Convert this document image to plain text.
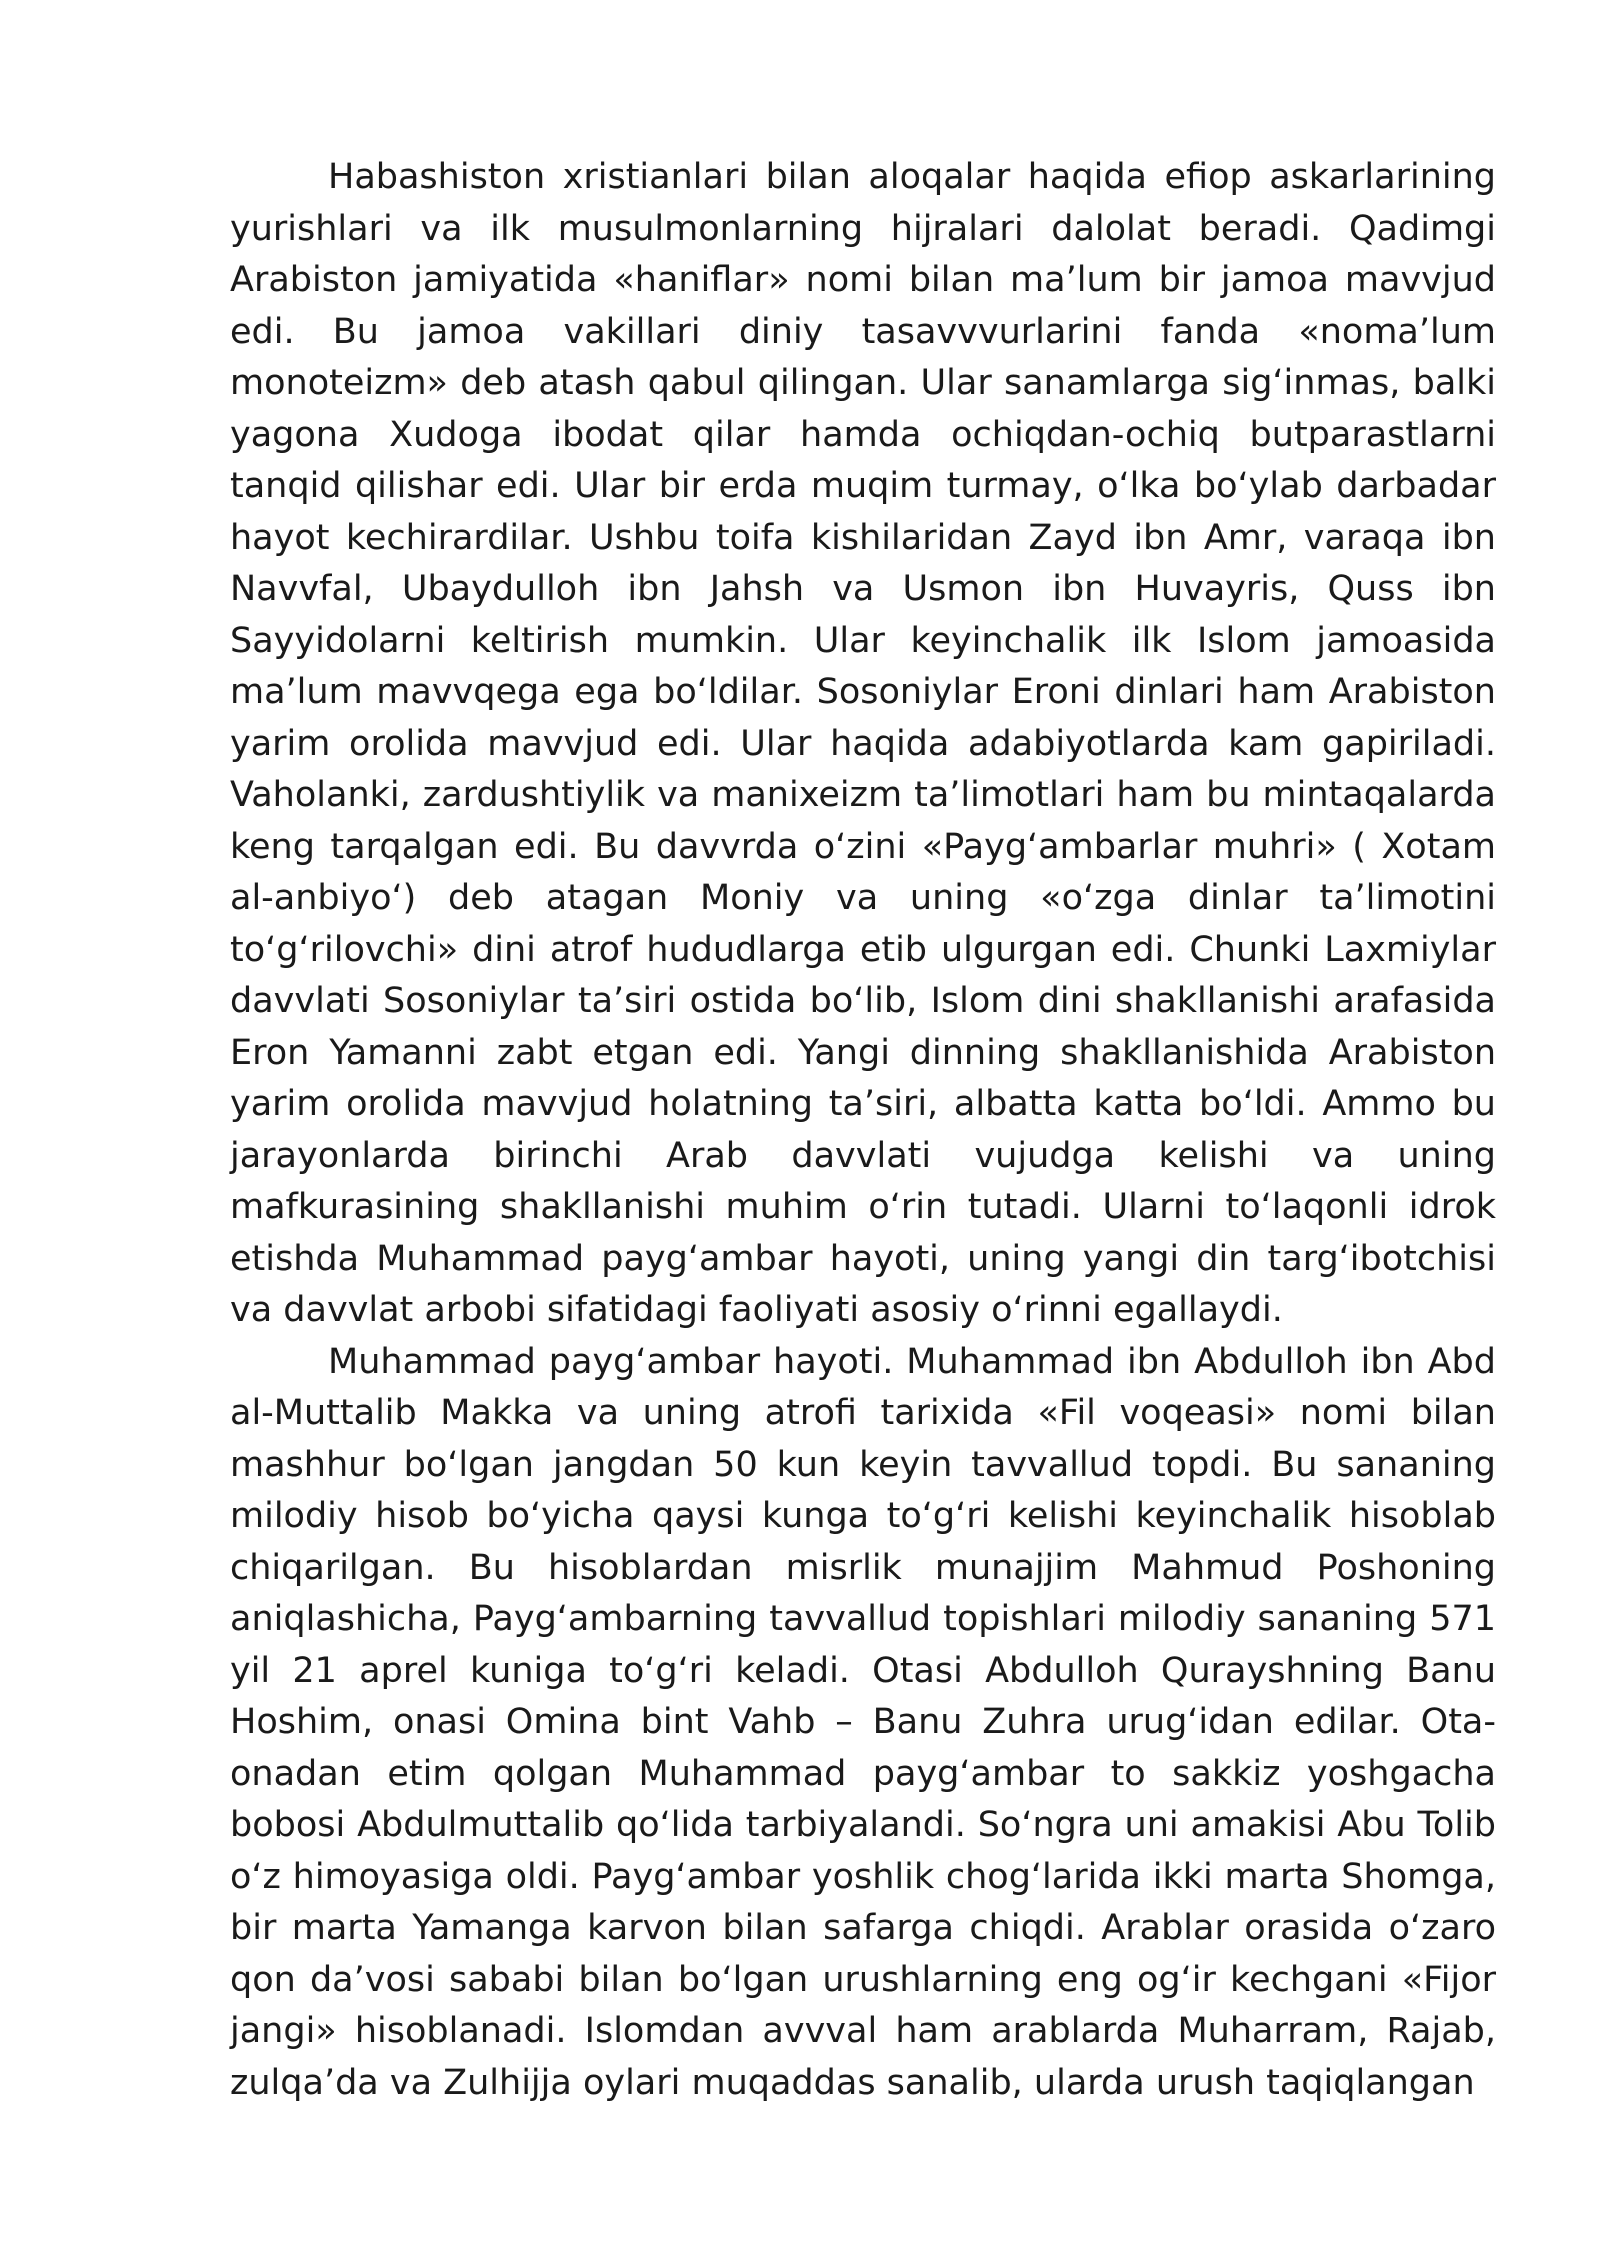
Habashiston xristianlari bilan aloqalar haqida efiop askarlarining yurishlari va ilk musulmonlarning hijralari dalolat beradi. Qadimgi Arabiston jamiyatida «haniflar» nomi bilan ma’lum bir jamoa mavvjud edi. Bu jamoa vakillari diniy tasavvvurlarini fanda «noma’lum monoteizm» deb atash qabul qilingan. Ular sanamlarga sig‘inmas, balki yagona Xudoga ibodat qilar hamda ochiqdan-ochiq butparastlarni tanqid qilishar edi. Ular bir erda muqim turmay, o‘lka bo‘ylab darbadar hayot kechirardilar. Ushbu toifa kishilaridan Zayd ibn Amr, varaqa ibn Navvfal, Ubaydulloh ibn Jahsh va Usmon ibn Huvayris, Quss ibn Sayyidolarni keltirish mumkin. Ular keyinchalik ilk Islom jamoasida ma’lum mavvqega ega bo‘ldilar. Sosoniylar Eroni dinlari ham Arabiston yarim orolida mavvjud edi. Ular haqida adabiyotlarda kam gapiriladi. Vaholanki, zardushtiylik va manixeizm ta’limotlari ham bu mintaqalarda keng tarqalgan edi. Bu davvrda o‘zini «Payg‘ambarlar muhri» ( Xotam al-anbiyo‘) deb atagan Moniy va uning «o‘zga dinlar ta’limotini to‘g‘rilovchi» dini atrof hududlarga etib ulgurgan edi. Chunki Laxmiylar davvlati Sosoniylar ta’siri ostida bo‘lib, Islom dini shakllanishi arafasida Eron Yamanni zabt etgan edi. Yangi dinning shakllanishida Arabiston yarim orolida mavvjud holatning ta’siri, albatta katta bo‘ldi. Ammo bu jarayonlarda birinchi Arab davvlati vujudga kelishi va uning mafkurasining shakllanishi muhim o‘rin tutadi. Ularni to‘laqonli idrok etishda Muhammad payg‘ambar hayoti, uning yangi din targ‘ibotchisi va davvlat arbobi sifatidagi faoliyati asosiy o‘rinni egallaydi.

Muhammad payg‘ambar hayoti. Muhammad ibn Abdulloh ibn Abd al-Muttalib Makka va uning atrofi tarixida «Fil voqeasi» nomi bilan mashhur bo‘lgan jangdan 50 kun keyin tavvallud topdi. Bu sananing milodiy hisob bo‘yicha qaysi kunga to‘g‘ri kelishi keyinchalik hisoblab chiqarilgan. Bu hisoblardan misrlik munajjim Mahmud Poshoning aniqlashicha, Payg‘ambarning tavvallud topishlari milodiy sananing 571 yil 21 aprel kuniga to‘g‘ri keladi. Otasi Abdulloh Qurayshning Banu Hoshim, onasi Omina bint Vahb – Banu Zuhra urug‘idan edilar. Ota-onadan etim qolgan Muhammad payg‘ambar to sakkiz yoshgacha bobosi Abdulmuttalib qo‘lida tarbiyalandi. So‘ngra uni amakisi Abu Tolib o‘z himoyasiga oldi. Payg‘ambar yoshlik chog‘larida ikki marta Shomga, bir marta Yamanga karvon bilan safarga chiqdi. Arablar orasida o‘zaro qon da’vosi sababi bilan bo‘lgan urushlarning eng og‘ir kechgani «Fijor jangi» hisoblanadi. Islomdan avvval ham arablarda Muharram, Rajab, zulqa’da va Zulhijja oylari muqaddas sanalib, ularda urush taqiqlangan
